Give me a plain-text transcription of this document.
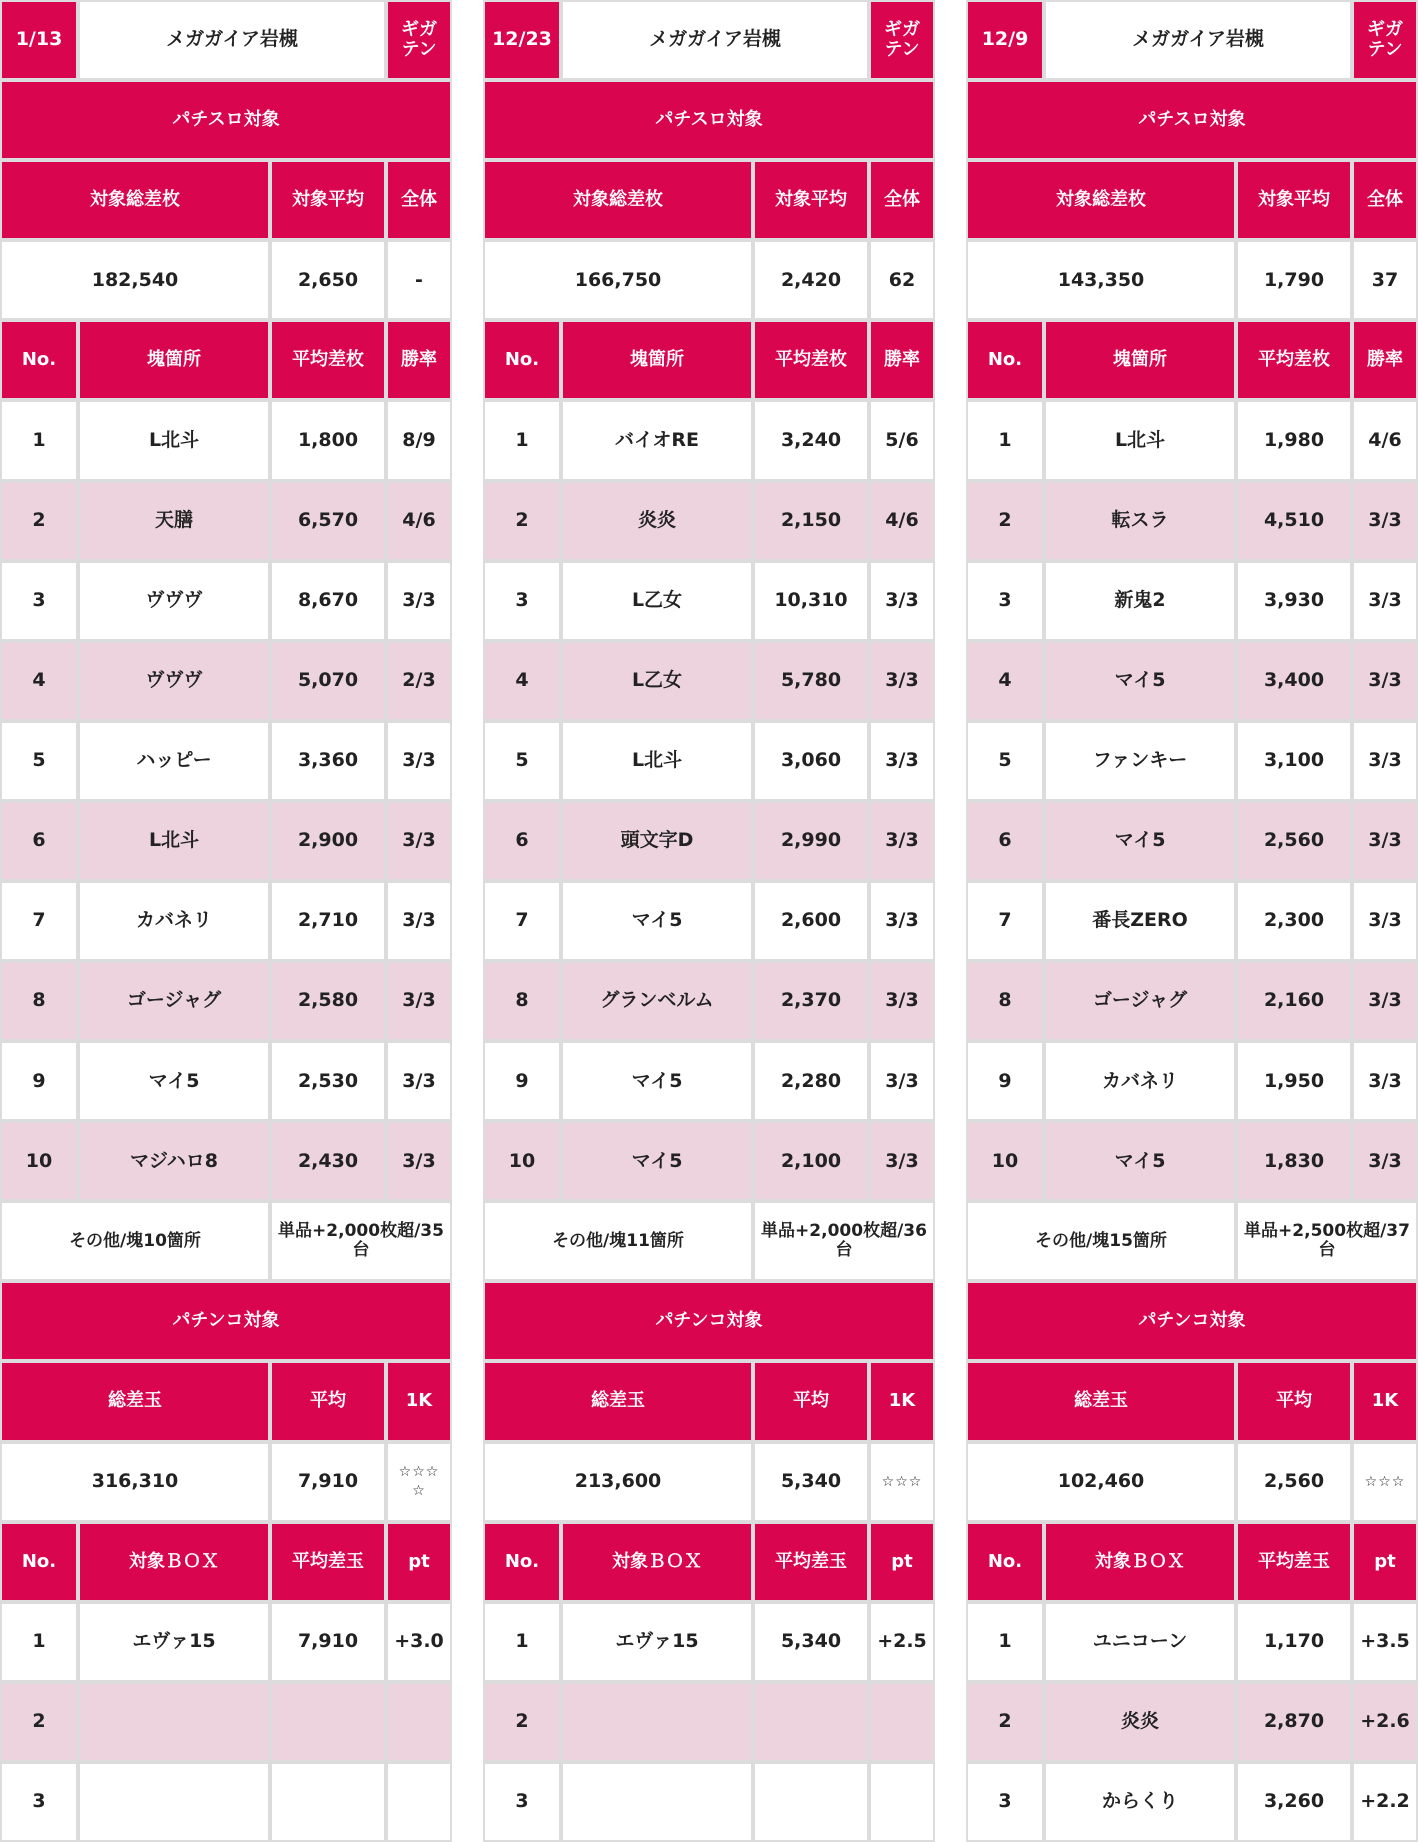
1/13	メガガイア岩槻	ギガテン
パチスロ対象
対象総差枚	対象平均	全体
182,540	2,650	-
No.	塊箇所	平均差枚	勝率
1	L北斗	1,800	8/9
2	天膳	6,570	4/6
3	ヴヴヴ	8,670	3/3
4	ヴヴヴ	5,070	2/3
5	ハッピー	3,360	3/3
6	L北斗	2,900	3/3
7	カバネリ	2,710	3/3
8	ゴージャグ	2,580	3/3
9	マイ5	2,530	3/3
10	マジハロ8	2,430	3/3
その他/塊10箇所	単品+2,000枚超/35台
パチンコ対象
総差玉	平均	1K
316,310	7,910	☆☆☆☆
No.	対象ＢＯＸ	平均差玉	pt
1	エヴァ15	7,910	+3.0
2
3
12/23	メガガイア岩槻	ギガテン
パチスロ対象
対象総差枚	対象平均	全体
166,750	2,420	62
No.	塊箇所	平均差枚	勝率
1	バイオRE	3,240	5/6
2	炎炎	2,150	4/6
3	L乙女	10,310	3/3
4	L乙女	5,780	3/3
5	L北斗	3,060	3/3
6	頭文字D	2,990	3/3
7	マイ5	2,600	3/3
8	グランベルム	2,370	3/3
9	マイ5	2,280	3/3
10	マイ5	2,100	3/3
その他/塊11箇所	単品+2,000枚超/36台
パチンコ対象
総差玉	平均	1K
213,600	5,340	☆☆☆
No.	対象ＢＯＸ	平均差玉	pt
1	エヴァ15	5,340	+2.5
2
3
12/9	メガガイア岩槻	ギガテン
パチスロ対象
対象総差枚	対象平均	全体
143,350	1,790	37
No.	塊箇所	平均差枚	勝率
1	L北斗	1,980	4/6
2	転スラ	4,510	3/3
3	新鬼2	3,930	3/3
4	マイ5	3,400	3/3
5	ファンキー	3,100	3/3
6	マイ5	2,560	3/3
7	番長ZERO	2,300	3/3
8	ゴージャグ	2,160	3/3
9	カバネリ	1,950	3/3
10	マイ5	1,830	3/3
その他/塊15箇所	単品+2,500枚超/37台
パチンコ対象
総差玉	平均	1K
102,460	2,560	☆☆☆
No.	対象ＢＯＸ	平均差玉	pt
1	ユニコーン	1,170	+3.5
2	炎炎	2,870	+2.6
3	からくり	3,260	+2.2
